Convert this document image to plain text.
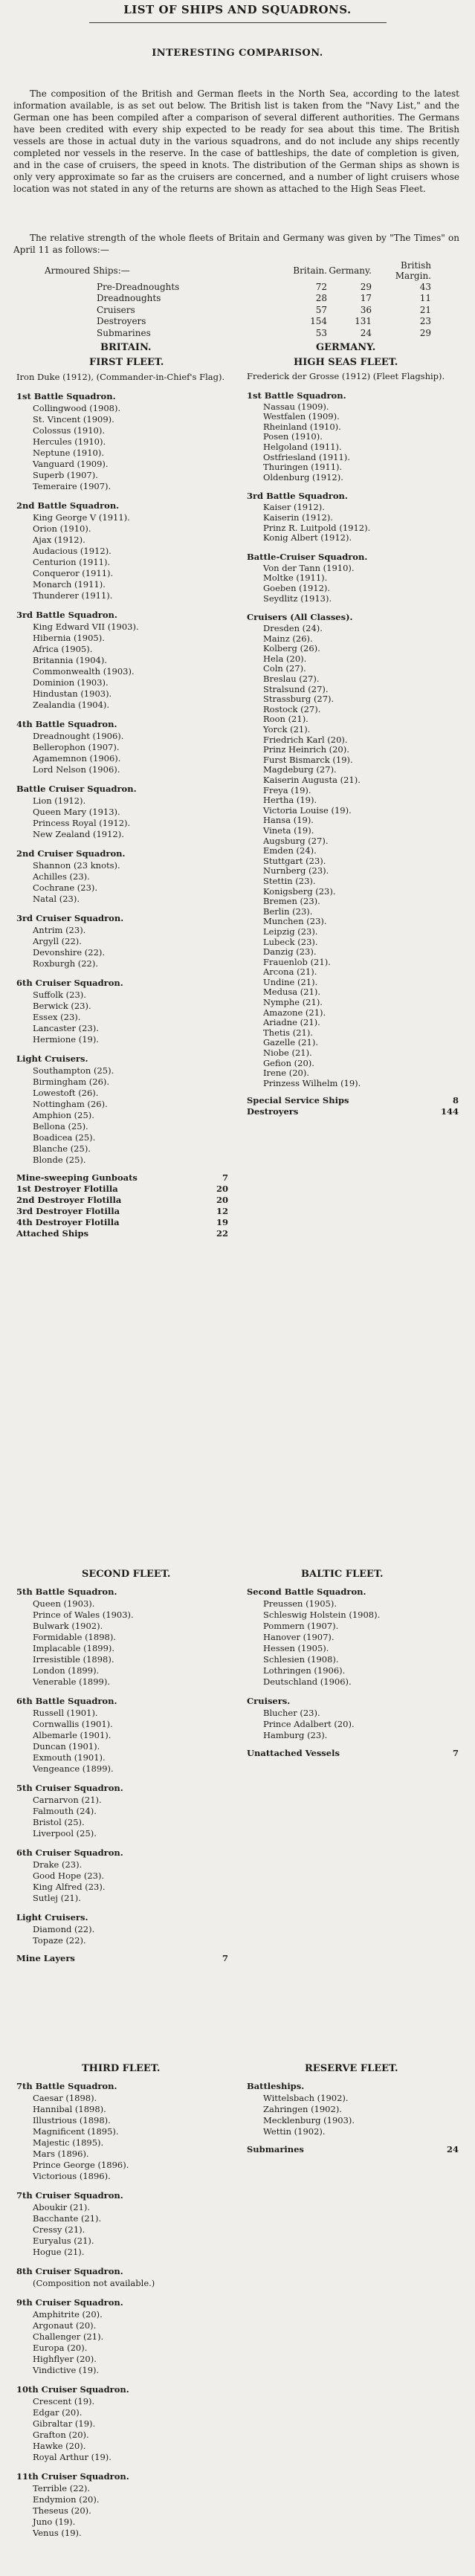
LIST OF SHIPS AND SQUADRONS.
INTERESTING COMPARISON.

The composition of the British and German fleets in the North Sea, according to the latest information available, is as set out below. The British list is taken from the "Navy List," and the German one has been compiled after a comparison of several different authorities. The Germans have been credited with every ship expected to be ready for sea about this time. The British vessels are those in actual duty in the various squadrons, and do not include any ships recently completed nor vessels in the reserve. In the case of battleships, the date of completion is given, and in the case of cruisers, the speed in knots. The distribution of the German ships as shown is only very approximate so far as the cruisers are concerned, and a number of light cruisers whose location was not stated in any of the returns are shown as attached to the High Seas Fleet.

The relative strength of the whole fleets of Britain and Germany was given by "The Times" on April 11 as follows:—

Armoured Ships:—	Britain.	Germany.	British Margin.
Pre-Dreadnoughts	72	29	43
Dreadnoughts	28	17	11
Cruisers	57	36	21
Destroyers	154	131	23
Submarines	53	24	29
BRITAIN.	GERMANY.
FIRST FLEET.	HIGH SEAS FLEET.
Iron Duke (1912), (Commander-in-Chief's Flag).
1st Battle Squadron.
Collingwood (1908).
St. Vincent (1909).
Colossus (1910).
Hercules (1910).
Neptune (1910).
Vanguard (1909).
Superb (1907).
Temeraire (1907).
2nd Battle Squadron.
King George V (1911).
Orion (1910).
Ajax (1912).
Audacious (1912).
Centurion (1911).
Conqueror (1911).
Monarch (1911).
Thunderer (1911).
3rd Battle Squadron.
King Edward VII (1903).
Hibernia (1905).
Africa (1905).
Britannia (1904).
Commonwealth (1903).
Dominion (1903).
Hindustan (1903).
Zealandia (1904).
4th Battle Squadron.
Dreadnought (1906).
Bellerophon (1907).
Agamemnon (1906).
Lord Nelson (1906).
Battle Cruiser Squadron.
Lion (1912).
Queen Mary (1913).
Princess Royal (1912).
New Zealand (1912).
2nd Cruiser Squadron.
Shannon (23 knots).
Achilles (23).
Cochrane (23).
Natal (23).
3rd Cruiser Squadron.
Antrim (23).
Argyll (22).
Devonshire (22).
Roxburgh (22).
6th Cruiser Squadron.
Suffolk (23).
Berwick (23).
Essex (23).
Lancaster (23).
Hermione (19).
Light Cruisers.
Southampton (25).
Birmingham (26).
Lowestoft (26).
Nottingham (26).
Amphion (25).
Bellona (25).
Boadicea (25).
Blanche (25).
Blonde (25).
Mine-sweeping Gunboats	7
1st Destroyer Flotilla	20
2nd Destroyer Flotilla	20
3rd Destroyer Flotilla	12
4th Destroyer Flotilla	19
Attached Ships	22
Frederick der Grosse (1912) (Fleet Flagship).
1st Battle Squadron.
Nassau (1909).
Westfalen (1909).
Rheinland (1910).
Posen (1910).
Helgoland (1911).
Ostfriesland (1911).
Thuringen (1911).
Oldenburg (1912).
3rd Battle Squadron.
Kaiser (1912).
Kaiserin (1912).
Prinz R. Luitpold (1912).
Konig Albert (1912).
Battle-Cruiser Squadron.
Von der Tann (1910).
Moltke (1911).
Goeben (1912).
Seydlitz (1913).
Cruisers (All Classes).
Dresden (24).
Mainz (26).
Kolberg (26).
Hela (20).
Coln (27).
Breslau (27).
Stralsund (27).
Strassburg (27).
Rostock (27).
Roon (21).
Yorck (21).
Friedrich Karl (20).
Prinz Heinrich (20).
Furst Bismarck (19).
Magdeburg (27).
Kaiserin Augusta (21).
Freya (19).
Hertha (19).
Victoria Louise (19).
Hansa (19).
Vineta (19).
Augsburg (27).
Emden (24).
Stuttgart (23).
Nurnberg (23).
Stettin (23).
Konigsberg (23).
Bremen (23).
Berlin (23).
Munchen (23).
Leipzig (23).
Lubeck (23).
Danzig (23).
Frauenlob (21).
Arcona (21).
Undine (21).
Medusa (21).
Nymphe (21).
Amazone (21).
Ariadne (21).
Thetis (21).
Gazelle (21).
Niobe (21).
Gefion (20).
Irene (20).
Prinzess Wilhelm (19).
Special Service Ships	8
Destroyers	144
SECOND FLEET.	BALTIC FLEET.
5th Battle Squadron.
Queen (1903).
Prince of Wales (1903).
Bulwark (1902).
Formidable (1898).
Implacable (1899).
Irresistible (1898).
London (1899).
Venerable (1899).
6th Battle Squadron.
Russell (1901).
Cornwallis (1901).
Albemarle (1901).
Duncan (1901).
Exmouth (1901).
Vengeance (1899).
5th Cruiser Squadron.
Carnarvon (21).
Falmouth (24).
Bristol (25).
Liverpool (25).
6th Cruiser Squadron.
Drake (23).
Good Hope (23).
King Alfred (23).
Sutlej (21).
Light Cruisers.
Diamond (22).
Topaze (22).
Mine Layers	7
Second Battle Squadron.
Preussen (1905).
Schleswig Holstein (1908).
Pommern (1907).
Hanover (1907).
Hessen (1905).
Schlesien (1908).
Lothringen (1906).
Deutschland (1906).
Cruisers.
Blucher (23).
Prince Adalbert (20).
Hamburg (23).
Unattached Vessels	7
THIRD FLEET.	RESERVE FLEET.
7th Battle Squadron.
Caesar (1898).
Hannibal (1898).
Illustrious (1898).
Magnificent (1895).
Majestic (1895).
Mars (1896).
Prince George (1896).
Victorious (1896).
7th Cruiser Squadron.
Aboukir (21).
Bacchante (21).
Cressy (21).
Euryalus (21).
Hogue (21).
8th Cruiser Squadron.
(Composition not available.)
9th Cruiser Squadron.
Amphitrite (20).
Argonaut (20).
Challenger (21).
Europa (20).
Highflyer (20).
Vindictive (19).
10th Cruiser Squadron.
Crescent (19).
Edgar (20).
Gibraltar (19).
Grafton (20).
Hawke (20).
Royal Arthur (19).
11th Cruiser Squadron.
Terrible (22).
Endymion (20).
Theseus (20).
Juno (19).
Venus (19).
Battleships.
Wittelsbach (1902).
Zahringen (1902).
Mecklenburg (1903).
Wettin (1902).
Submarines	24
